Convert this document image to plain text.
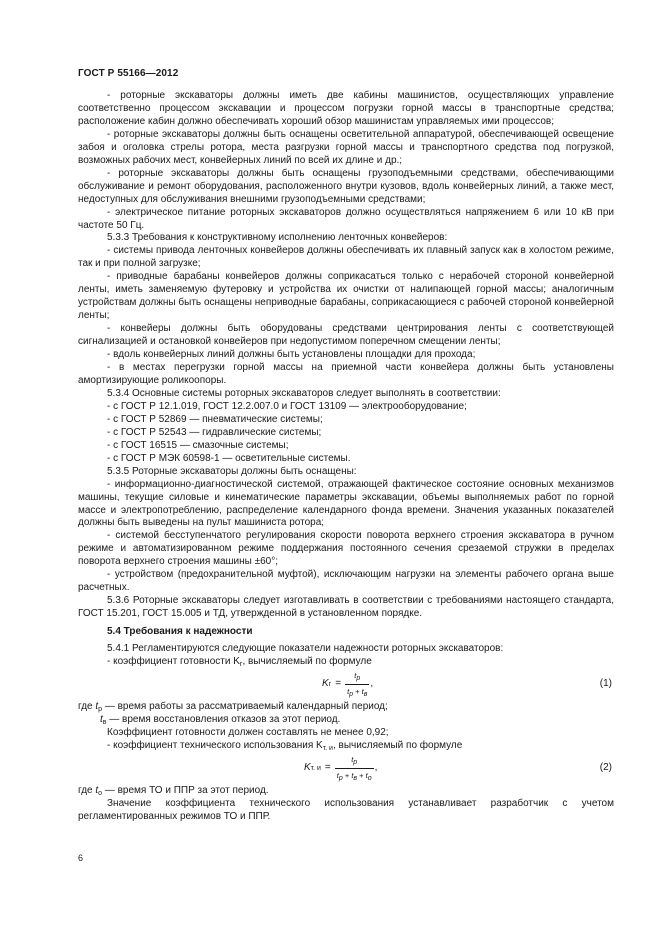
ГОСТ Р 55166—2012

- роторные экскаваторы должны иметь две кабины машинистов, осуществляющих управление соответственно процессом экскавации и процессом погрузки горной массы в транспортные средства; расположение кабин должно обеспечивать хороший обзор машинистам управляемых ими процессов;

- роторные экскаваторы должны быть оснащены осветительной аппаратурой, обеспечивающей освещение забоя и оголовка стрелы ротора, места разгрузки горной массы и транспортного средства под погрузкой, возможных рабочих мест, конвейерных линий по всей их длине и др.;

- роторные экскаваторы должны быть оснащены грузоподъемными средствами, обеспечивающими обслуживание и ремонт оборудования, расположенного внутри кузовов, вдоль конвейерных линий, а также мест, недоступных для обслуживания внешними грузоподъемными средствами;

- электрическое питание роторных экскаваторов должно осуществляться напряжением 6 или 10 кВ при частоте 50 Гц.

5.3.3 Требования к конструктивному исполнению ленточных конвейеров:

- системы привода ленточных конвейеров должны обеспечивать их плавный запуск как в холостом режиме, так и при полной загрузке;

- приводные барабаны конвейеров должны соприкасаться только с нерабочей стороной конвейерной ленты, иметь заменяемую футеровку и устройства их очистки от налипающей горной массы; аналогичным устройствам должны быть оснащены неприводные барабаны, соприкасающиеся с рабочей стороной конвейерной ленты;

- конвейеры должны быть оборудованы средствами центрирования ленты с соответствующей сигнализацией и остановкой конвейеров при недопустимом поперечном смещении ленты;

- вдоль конвейерных линий должны быть установлены площадки для прохода;

- в местах перегрузки горной массы на приемной части конвейера должны быть установлены амортизирующие роликоопоры.

5.3.4 Основные системы роторных экскаваторов следует выполнять в соответствии:

- с ГОСТ Р 12.1.019, ГОСТ 12.2.007.0 и ГОСТ 13109 — электрооборудование;

- с ГОСТ Р 52869 — пневматические системы;

- с ГОСТ Р 52543 — гидравлические системы;

- с ГОСТ 16515 — смазочные системы;

- с ГОСТ Р МЭК 60598-1 — осветительные системы.

5.3.5 Роторные экскаваторы должны быть оснащены:

- информационно-диагностической системой, отражающей фактическое состояние основных механизмов машины, текущие силовые и кинематические параметры экскавации, объемы выполняемых работ по горной массе и электропотреблению, распределение календарного фонда времени. Значения указанных показателей должны быть выведены на пульт машиниста ротора;

- системой бесступенчатого регулирования скорости поворота верхнего строения экскаватора в ручном режиме и автоматизированном режиме поддержания постоянного сечения срезаемой стружки в пределах поворота верхнего строения машины ±60°;

- устройством (предохранительной муфтой), исключающим нагрузки на элементы рабочего органа выше расчетных.

5.3.6 Роторные экскаваторы следует изготавливать в соответствии с требованиями настоящего стандарта, ГОСТ 15.201, ГОСТ 15.005 и ТД, утвержденной в установленном порядке.

5.4 Требования к надежности

5.4.1 Регламентируются следующие показатели надежности роторных экскаваторов:

- коэффициент готовности $K_г$, вычисляемый по формуле

K $г = \frac{t_р}{t_р + t_в}$ ,	(1)

где $t_р$ — время работы за рассматриваемый календарный период;

$t_в$ — время восстановления отказов за этот период.

Коэффициент готовности должен составлять не менее 0,92;

- коэффициент технического использования $K_{т. и}$, вычисляемый по формуле

K т. $и = \frac{t_р}{t_р + t_в + t_о}$ ,	(2)

где $t_о$ — время ТО и ППР за этот период.

Значение коэффициента технического использования устанавливает разработчик с учетом регламентированных режимов ТО и ППР.

6
